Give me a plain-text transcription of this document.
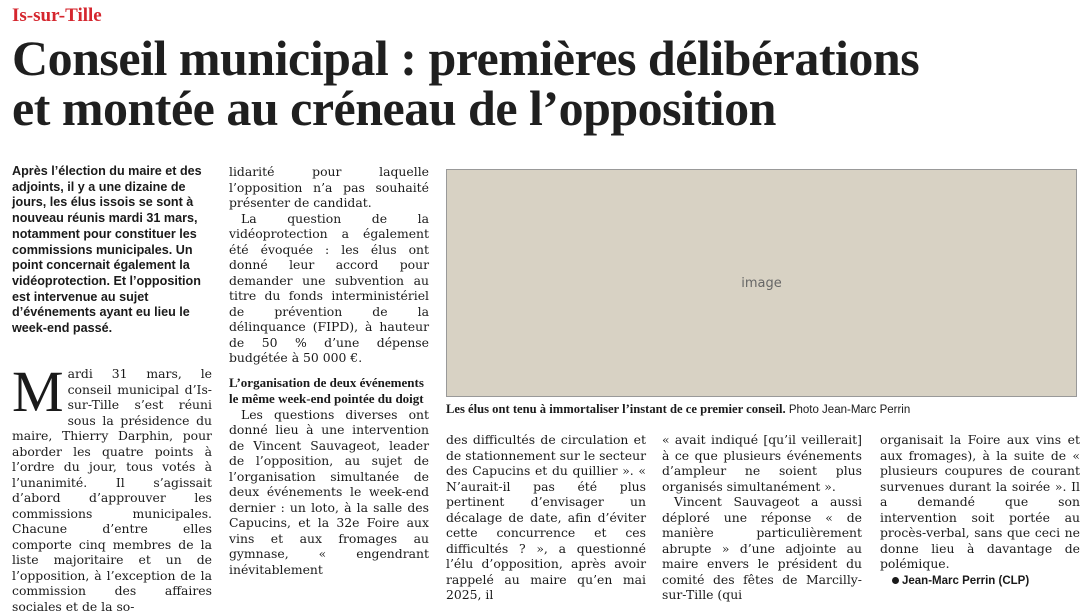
Is-sur-Tille
Conseil municipal : premières délibérations
et montée au créneau de l’opposition
Après l’élection du maire et des adjoints, il y a une dizaine de jours, les élus issois se sont à nouveau réunis mardi 31 mars, notamment pour constituer les commissions municipales. Un point concernait également la vidéoprotection. Et l’opposition est intervenue au sujet d’événements ayant eu lieu le week-end passé.
Mardi 31 mars, le conseil municipal d’Is-sur-Tille s’est réuni sous la présidence du maire, Thierry Darphin, pour aborder les quatre points à l’ordre du jour, tous votés à l’unanimité. Il s’agissait d’abord d’approuver les commissions municipales. Chacune d’entre elles comporte cinq membres de la liste majoritaire et un de l’opposition, à l’exception de la commission des affaires sociales et de la so-

lidarité pour laquelle l’opposition n’a pas souhaité présenter de candidat.

La question de la vidéoprotection a également été évoquée : les élus ont donné leur accord pour demander une subvention au titre du fonds interministériel de prévention de la délinquance (FIPD), à hauteur de 50 % d’une dépense budgétée à 50 000 €.

L’organisation de deux événements le même week-end pointée du doigt

Les questions diverses ont donné lieu à une intervention de Vincent Sauvageot, leader de l’opposition, au sujet de l’organisation simultanée de deux événements le week-end dernier : un loto, à la salle des Capucins, et la 32e Foire aux vins et aux fromages au gymnase, « engendrant inévitablement

image
Les élus ont tenu à immortaliser l’instant de ce premier conseil. Photo Jean-Marc Perrin

des difficultés de circulation et de stationnement sur le secteur des Capucins et du quillier ». « N’aurait-il pas été plus pertinent d’envisager un décalage de date, afin d’éviter cette concurrence et ces difficultés ? », a questionné l’élu d’opposition, après avoir rappelé au maire qu’en mai 2025, il

« avait indiqué [qu’il veillerait] à ce que plusieurs événements d’ampleur ne soient plus organisés simultanément ».

Vincent Sauvageot a aussi déploré une réponse « de manière particulièrement abrupte » d’une adjointe au maire envers le président du comité des fêtes de Marcilly-sur-Tille (qui

organisait la Foire aux vins et aux fromages), à la suite de « plusieurs coupures de courant survenues durant la soirée ». Il a demandé que son intervention soit portée au procès-verbal, sans que ceci ne donne lieu à davantage de polémique.

Jean-Marc Perrin (CLP)
